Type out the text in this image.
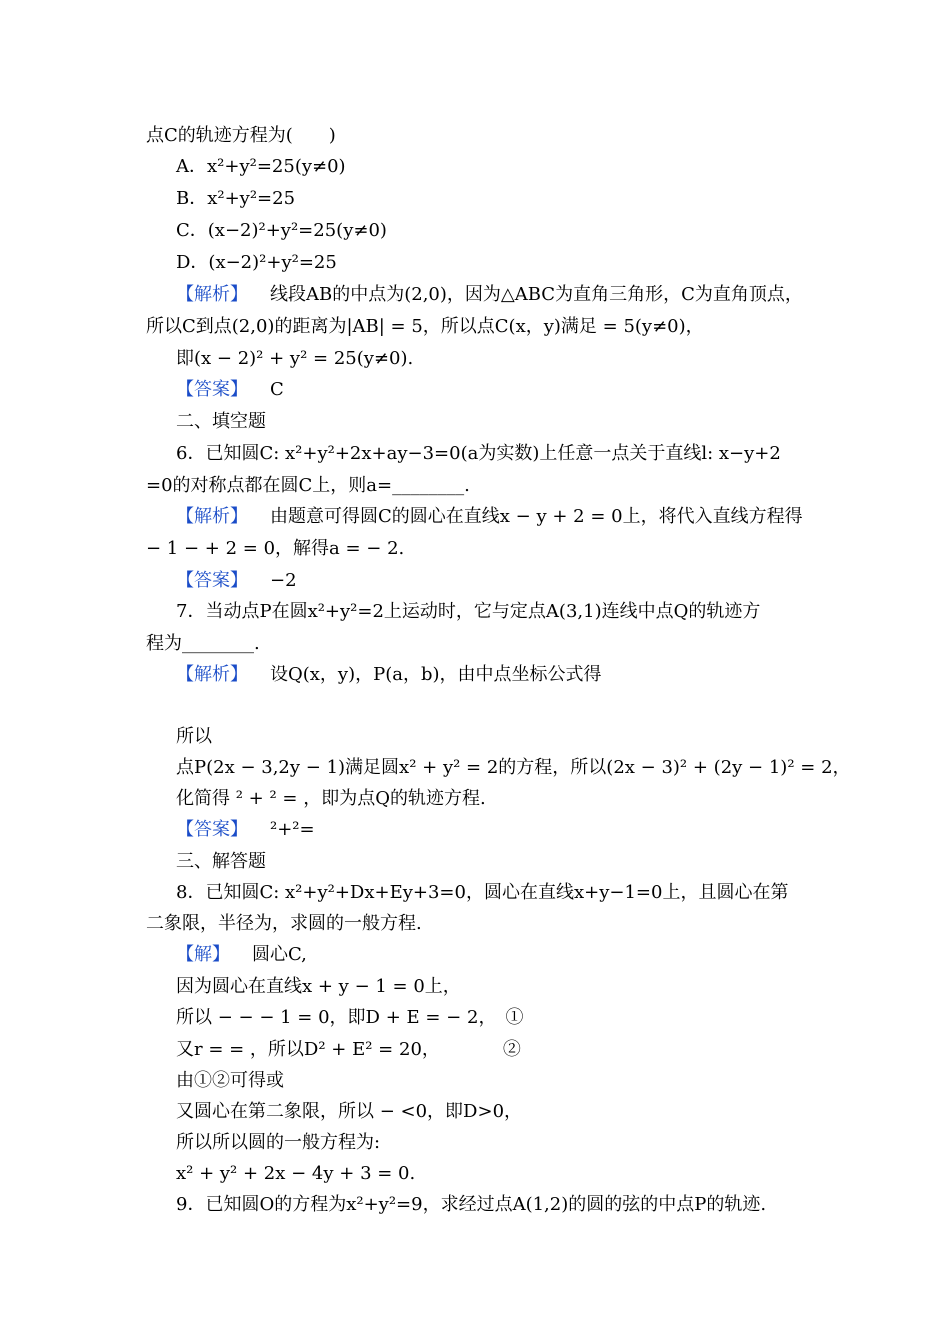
点C的轨迹方程为(　　)
A．x²+y²=25(y≠0)
B．x²+y²=25
C．(x−2)²+y²=25(y≠0)
D．(x−2)²+y²=25
【解析】 线段AB的中点为(2,0)，因为△ABC为直角三角形，C为直角顶点，
所以C到点(2,0)的距离为|AB| = 5，所以点C(x，y)满足 = 5(y≠0)，
即(x − 2)² + y² = 25(y≠0).
【答案】 C
二、填空题
6．已知圆C: x²+y²+2x+ay−3=0(a为实数)上任意一点关于直线l: x−y+2
=0的对称点都在圆C上，则a=________.
【解析】 由题意可得圆C的圆心在直线x − y + 2 = 0上，将代入直线方程得
− 1 − + 2 = 0，解得a = − 2.
【答案】 −2
7．当动点P在圆x²+y²=2上运动时，它与定点A(3,1)连线中点Q的轨迹方
程为________.
【解析】 设Q(x，y)，P(a，b)，由中点坐标公式得
所以
点P(2x − 3,2y − 1)满足圆x² + y² = 2的方程，所以(2x − 3)² + (2y − 1)² = 2，
化简得 ² + ² = ，即为点Q的轨迹方程.
【答案】 ²+²=
三、解答题
8．已知圆C: x²+y²+Dx+Ey+3=0，圆心在直线x+y−1=0上，且圆心在第
二象限，半径为，求圆的一般方程.
【解】 圆心C,
因为圆心在直线x + y − 1 = 0上，
所以 − − − 1 = 0，即D + E = − 2，　①
又r = = ，所以D² + E² = 20，　　　　②
由①②可得或
又圆心在第二象限，所以 − <0，即D>0，
所以所以圆的一般方程为:
x² + y² + 2x − 4y + 3 = 0.
9．已知圆O的方程为x²+y²=9，求经过点A(1,2)的圆的弦的中点P的轨迹.
